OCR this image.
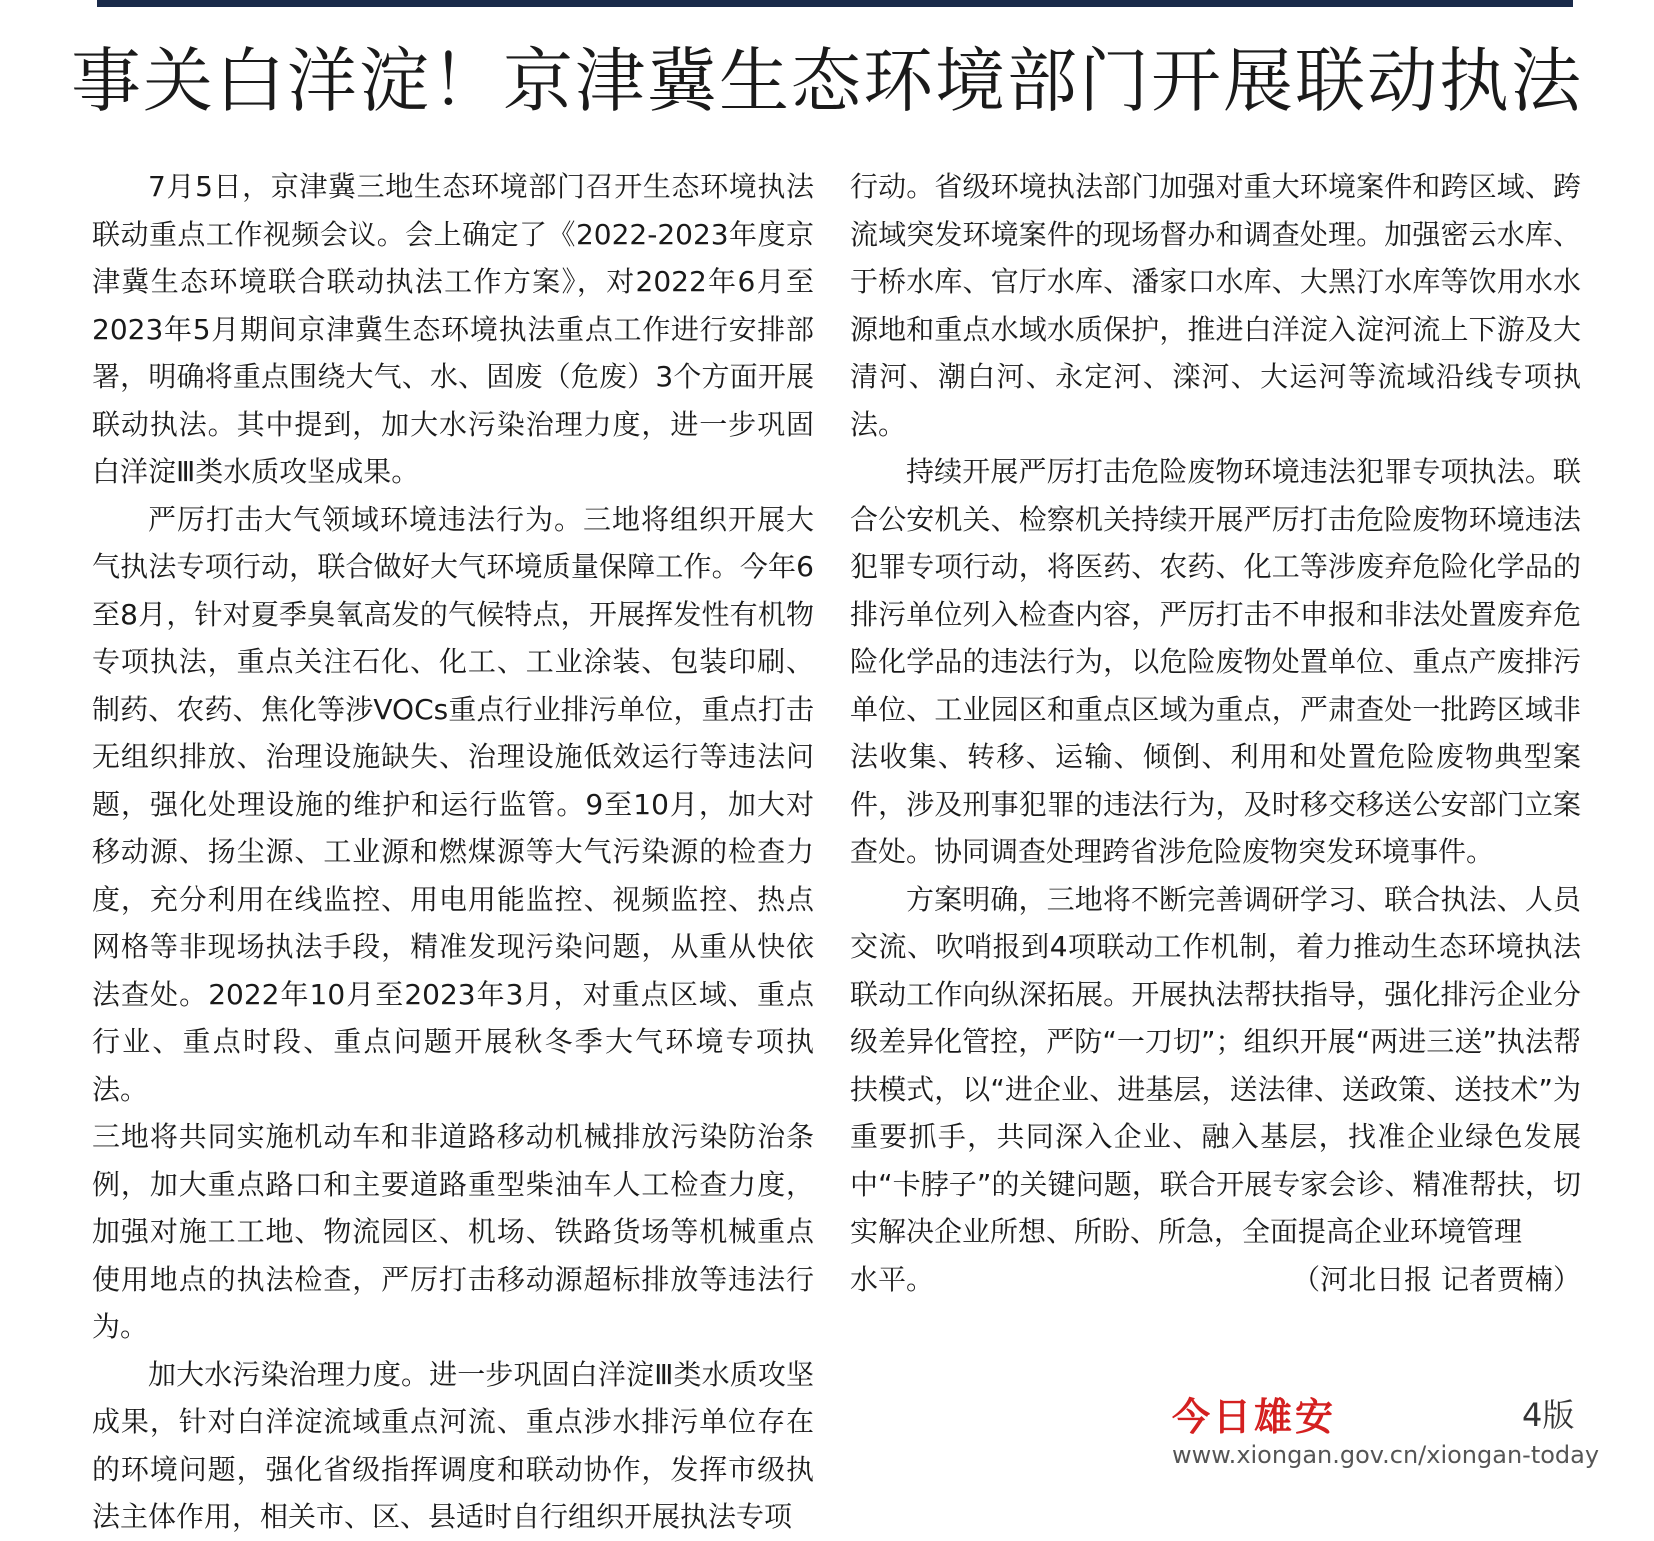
事关白洋淀！京津冀生态环境部门开展联动执法

7月5日，京津冀三地生态环境部门召开生态环境执法联动重点工作视频会议。会上确定了《2022-2023年度京津冀生态环境联合联动执法工作方案》，对2022年6月至2023年5月期间京津冀生态环境执法重点工作进行安排部署，明确将重点围绕大气、水、固废（危废）3个方面开展联动执法。其中提到，加大水污染治理力度，进一步巩固白洋淀Ⅲ类水质攻坚成果。

严厉打击大气领域环境违法行为。三地将组织开展大气执法专项行动，联合做好大气环境质量保障工作。今年6至8月，针对夏季臭氧高发的气候特点，开展挥发性有机物专项执法，重点关注石化、化工、工业涂装、包装印刷、制药、农药、焦化等涉VOCs重点行业排污单位，重点打击无组织排放、治理设施缺失、治理设施低效运行等违法问题，强化处理设施的维护和运行监管。9至10月，加大对移动源、扬尘源、工业源和燃煤源等大气污染源的检查力度，充分利用在线监控、用电用能监控、视频监控、热点网格等非现场执法手段，精准发现污染问题，从重从快依法查处。2022年10月至2023年3月，对重点区域、重点行业、重点时段、重点问题开展秋冬季大气环境专项执法。

三地将共同实施机动车和非道路移动机械排放污染防治条例，加大重点路口和主要道路重型柴油车人工检查力度，加强对施工工地、物流园区、机场、铁路货场等机械重点使用地点的执法检查，严厉打击移动源超标排放等违法行为。

加大水污染治理力度。进一步巩固白洋淀Ⅲ类水质攻坚成果，针对白洋淀流域重点河流、重点涉水排污单位存在的环境问题，强化省级指挥调度和联动协作，发挥市级执法主体作用，相关市、区、县适时自行组织开展执法专项

行动。省级环境执法部门加强对重大环境案件和跨区域、跨流域突发环境案件的现场督办和调查处理。加强密云水库、于桥水库、官厅水库、潘家口水库、大黑汀水库等饮用水水源地和重点水域水质保护，推进白洋淀入淀河流上下游及大清河、潮白河、永定河、滦河、大运河等流域沿线专项执法。

持续开展严厉打击危险废物环境违法犯罪专项执法。联合公安机关、检察机关持续开展严厉打击危险废物环境违法犯罪专项行动，将医药、农药、化工等涉废弃危险化学品的排污单位列入检查内容，严厉打击不申报和非法处置废弃危险化学品的违法行为，以危险废物处置单位、重点产废排污单位、工业园区和重点区域为重点，严肃查处一批跨区域非法收集、转移、运输、倾倒、利用和处置危险废物典型案件，涉及刑事犯罪的违法行为，及时移交移送公安部门立案查处。协同调查处理跨省涉危险废物突发环境事件。

方案明确，三地将不断完善调研学习、联合执法、人员交流、吹哨报到4项联动工作机制，着力推动生态环境执法联动工作向纵深拓展。开展执法帮扶指导，强化排污企业分级差异化管控，严防“一刀切”；组织开展“两进三送”执法帮扶模式，以“进企业、进基层，送法律、送政策、送技术”为重要抓手，共同深入企业、融入基层，找准企业绿色发展中“卡脖子”的关键问题，联合开展专家会诊、精准帮扶，切实解决企业所想、所盼、所急，全面提高企业环境管理

水平。	（河北日报 记者贾楠）
今日雄安	4版
www.xiongan.gov.cn/xiongan-today
